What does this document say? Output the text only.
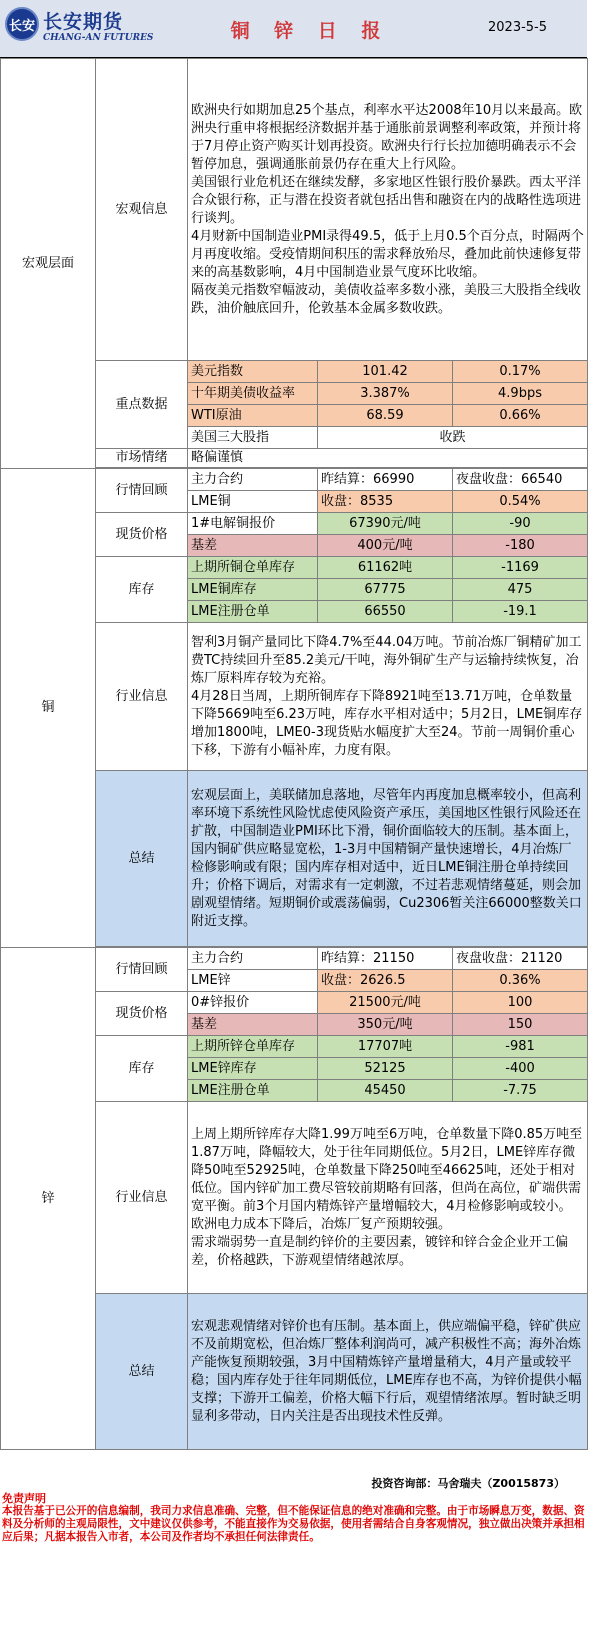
长安 长安期货
CHANG-AN FUTURES	铜 锌 日 报	2023-5-5
宏观层面	宏观信息	欧洲央行如期加息25个基点，利率水平达2008年10月以来最高。欧洲央行重申将根据经济数据并基于通胀前景调整利率政策，并预计将于7月停止资产购买计划再投资。欧洲央行行长拉加德明确表示不会暂停加息，强调通胀前景仍存在重大上行风险。

美国银行业危机还在继续发酵，多家地区性银行股价暴跌。西太平洋合众银行称，正与潜在投资者就包括出售和融资在内的战略性选项进行谈判。

4月财新中国制造业PMI录得49.5，低于上月0.5个百分点，时隔两个月再度收缩。受疫情期间积压的需求释放殆尽，叠加此前快速修复带来的高基数影响，4月中国制造业景气度环比收缩。

隔夜美元指数窄幅波动，美债收益率多数小涨，美股三大股指全线收跌，油价触底回升，伦敦基本金属多数收跌。		

	重点数据	美元指数	101.42	0.17%
		十年期美债收益率	3.387%	4.9bps
		WTI原油	68.59	0.66%
		美国三大股指	收跌	
	市场情绪	略偏谨慎		

铜	行情回顾	主力合约	昨结算：66990	夜盘收盘：66540
		LME铜	收盘：8535	0.54%
	现货价格	1#电解铜报价	67390元/吨	-90
		基差	400元/吨	-180
	库存	上期所铜仓单库存	61162吨	-1169
		LME铜库存	67775	475
		LME注册仓单	66550	-19.1
	行业信息	智利3月铜产量同比下降4.7%至44.04万吨。节前冶炼厂铜精矿加工费TC持续回升至85.2美元/干吨，海外铜矿生产与运输持续恢复，冶炼厂原料库存较为充裕。

4月28日当周，上期所铜库存下降8921吨至13.71万吨，仓单数量下降5669吨至6.23万吨，库存水平相对适中；5月2日，LME铜库存增加1800吨，LME0-3现货贴水幅度扩大至24。节前一周铜价重心下移，下游有小幅补库，力度有限。		

	总结	宏观层面上，美联储加息落地，尽管年内再度加息概率较小，但高利率环境下系统性风险忧虑使风险资产承压，美国地区性银行风险还在扩散，中国制造业PMI环比下滑，铜价面临较大的压制。基本面上，国内铜矿供应略显宽松，1-3月中国精铜产量快速增长，4月冶炼厂检修影响或有限；国内库存相对适中，近日LME铜注册仓单持续回升；价格下调后，对需求有一定刺激，不过若悲观情绪蔓延，则会加剧观望情绪。短期铜价或震荡偏弱，Cu2306暂关注66000整数关口附近支撑。		

锌	行情回顾	主力合约	昨结算：21150	夜盘收盘：21120
		LME锌	收盘：2626.5	0.36%
	现货价格	0#锌报价	21500元/吨	100
		基差	350元/吨	150
	库存	上期所锌仓单库存	17707吨	-981
		LME锌库存	52125	-400
		LME注册仓单	45450	-7.75
	行业信息	上周上期所锌库存大降1.99万吨至6万吨，仓单数量下降0.85万吨至1.87万吨，降幅较大，处于往年同期低位。5月2日，LME锌库存微降50吨至52925吨，仓单数量下降250吨至46625吨，还处于相对低位。国内锌矿加工费尽管较前期略有回落，但尚在高位，矿端供需宽平衡。前3个月国内精炼锌产量增幅较大，4月检修影响或较小。欧洲电力成本下降后，冶炼厂复产预期较强。

需求端弱势一直是制约锌价的主要因素，镀锌和锌合金企业开工偏差，价格越跌，下游观望情绪越浓厚。		

	总结	宏观悲观情绪对锌价也有压制。基本面上，供应端偏平稳，锌矿供应不及前期宽松，但冶炼厂整体利润尚可，减产积极性不高；海外冶炼产能恢复预期较强，3月中国精炼锌产量增量稍大，4月产量或较平稳；国内库存处于往年同期低位，LME库存也不高，为锌价提供小幅支撑；下游开工偏差，价格大幅下行后，观望情绪浓厚。暂时缺乏明显利多带动，日内关注是否出现技术性反弹。		
投资咨询部：马舍瑞夫（Z0015873）
免责声明
本报告基于已公开的信息编制，我司力求信息准确、完整，但不能保证信息的绝对准确和完整。由于市场瞬息万变，数据、资料及分析师的主观局限性，文中建议仅供参考，不能直接作为交易依据，使用者需结合自身客观情况，独立做出决策并承担相应后果；凡据本报告入市者，本公司及作者均不承担任何法律责任。
